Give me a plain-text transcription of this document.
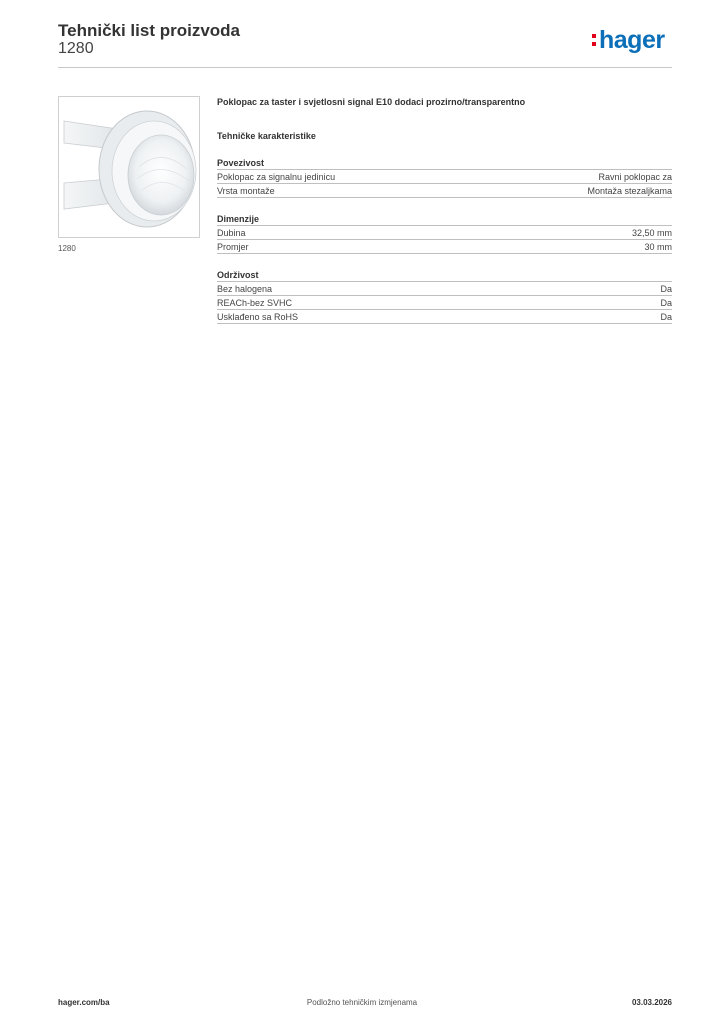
Tehnički list proizvoda
1280	hager
1280
Poklopac za taster i svjetlosni signal E10 dodaci prozirno/transparentno
Tehničke karakteristike
Povezivost
Poklopac za signalnu jedinicu	Ravni poklopac za
Vrsta montaže	Montaža stezaljkama
Dimenzije
Dubina	32,50 mm
Promjer	30 mm
Održivost
Bez halogena	Da
REACh-bez SVHC	Da
Usklađeno sa RoHS	Da
hager.com/ba	Podložno tehničkim izmjenama	03.03.2026
